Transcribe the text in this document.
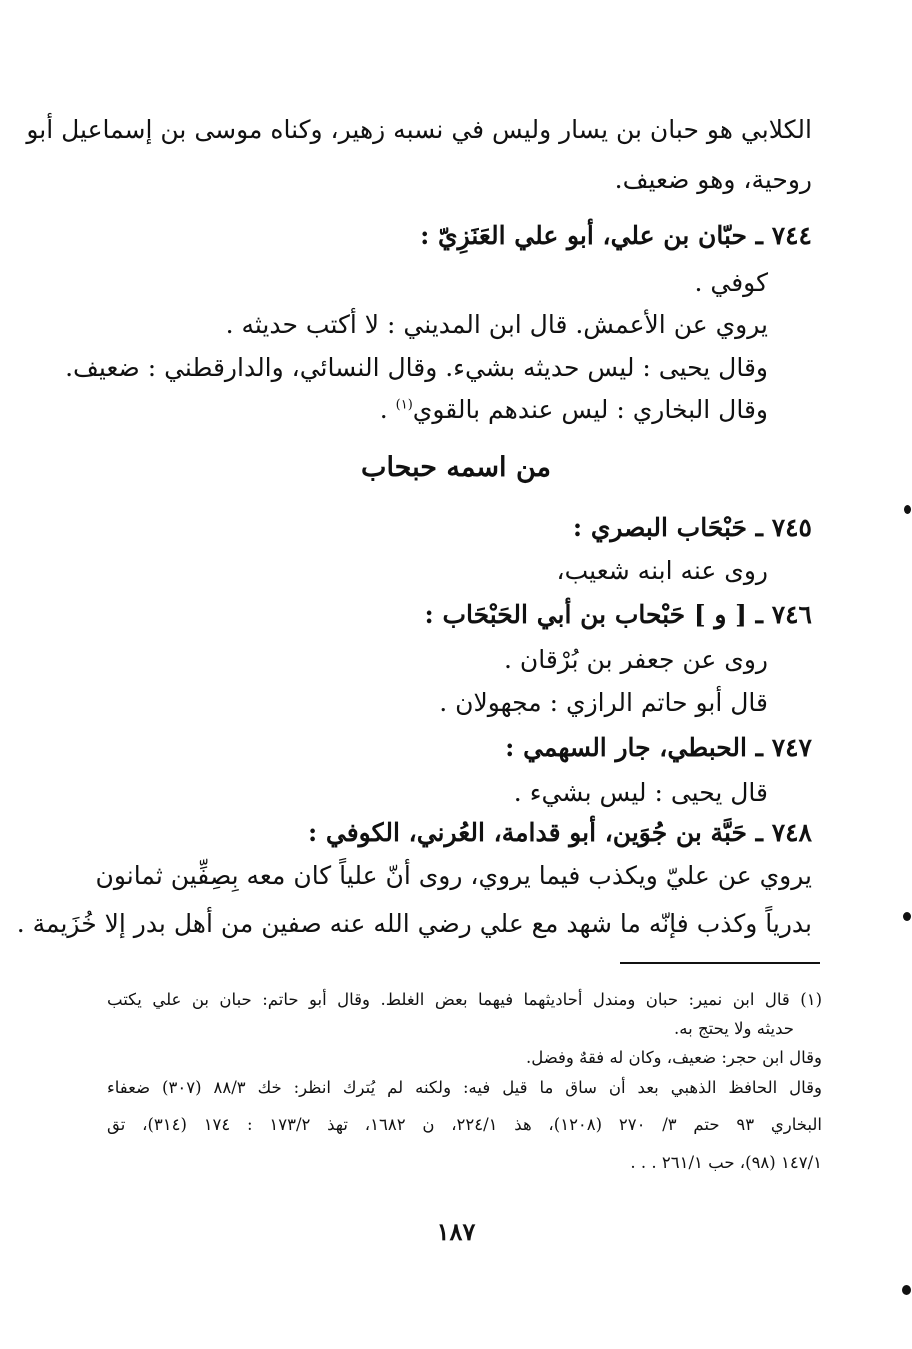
الكلابي هو حبان بن يسار وليس في نسبه زهير، وكناه موسى بن إسماعيل أبو
روحية، وهو ضعيف.
٧٤٤ ـ حبّان بن علي، أبو علي العَنَزِيّ :
كوفي .
يروي عن الأعمش. قال ابن المديني : لا أكتب حديثه .
وقال يحيى : ليس حديثه بشيء. وقال النسائي، والدارقطني : ضعيف.
وقال البخاري : ليس عندهم بالقوي$^{(١)}$ .
من اسمه حبحاب
٧٤٥ ـ حَبْحَاب البصري :
روى عنه ابنه شعيب،
٧٤٦ ـ [ و ] حَبْحاب بن أبي الحَبْحَاب :
روى عن جعفر بن بُرْقان .
قال أبو حاتم الرازي : مجهولان .
٧٤٧ ـ الحبطي، جار السهمي :
قال يحيى : ليس بشيء .
٧٤٨ ـ حَبَّة بن جُوَين، أبو قدامة، العُرني، الكوفي :
يروي عن عليّ ويكذب فيما يروي، روى أنّ علياً كان معه بِصِفِّين ثمانون
بدرياً وكذب فإنّه ما شهد مع علي رضي الله عنه صفين من أهل بدر إلا خُزَيمة .
(١) قال ابن نمير: حبان ومندل أحاديثهما فيهما بعض الغلط. وقال أبو حاتم: حبان بن علي يكتب
حديثه ولا يحتج به.
وقال ابن حجر: ضعيف، وكان له فقهٌ وفضل.
وقال الحافظ الذهبي بعد أن ساق ما قيل فيه: ولكنه لم يُترك انظر: خك ٨٨/٣ (٣٠٧) ضعفاء
البخاري ٩٣ حتم ٣/ ٢٧٠ (١٢٠٨)، هذ ٢٢٤/١، ن ١٦٨٢، تهذ ١٧٣/٢ : ١٧٤ (٣١٤)، تق
١٤٧/١ (٩٨)، حب ٢٦١/١ . . .
١٨٧
